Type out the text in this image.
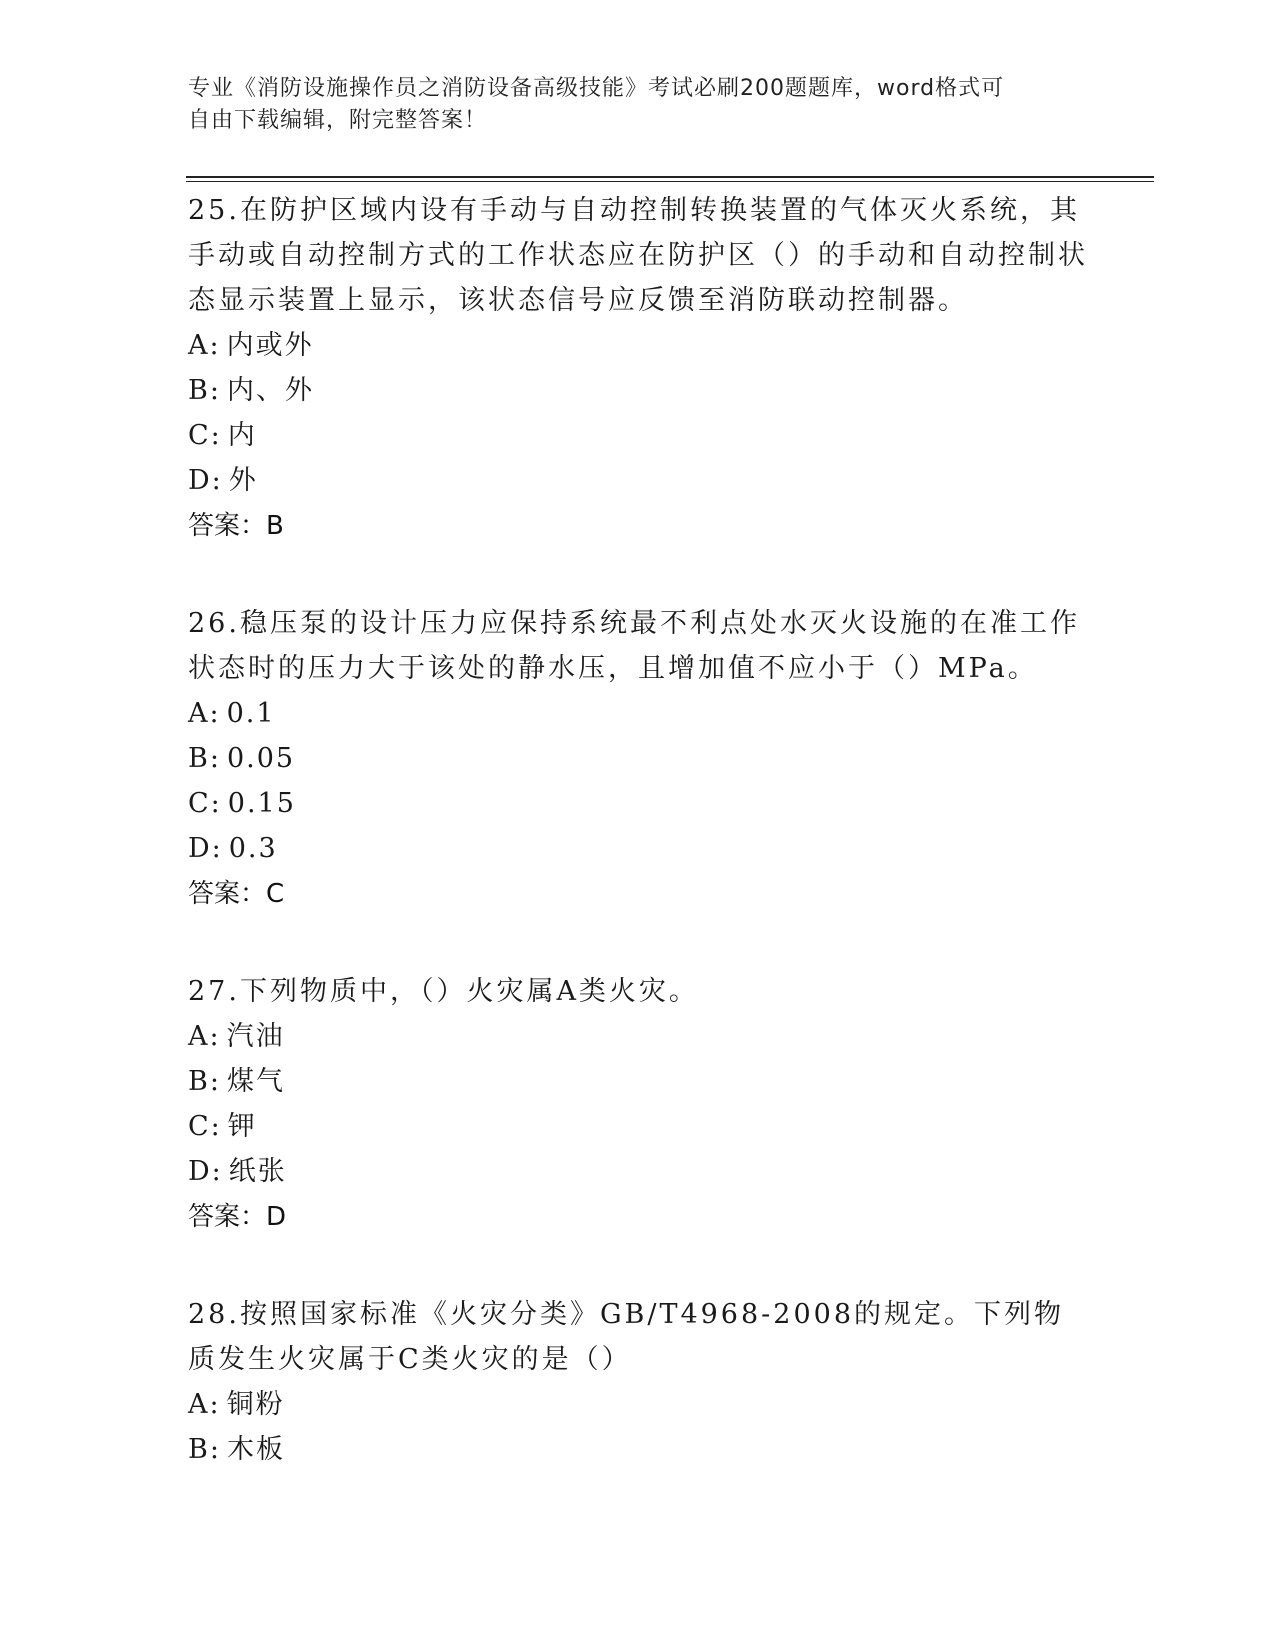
专业《消防设施操作员之消防设备高级技能》考试必刷200题题库，word格式可
自由下载编辑，附完整答案！

25.在防护区域内设有手动与自动控制转换装置的气体灭火系统，其手动或自动控制方式的工作状态应在防护区（）的手动和自动控制状态显示装置上显示，该状态信号应反馈至消防联动控制器。

A: 内或外

B: 内、外

C: 内

D: 外

答案：B

26.稳压泵的设计压力应保持系统最不利点处水灭火设施的在准工作状态时的压力大于该处的静水压，且增加值不应小于（）MPa。

A: 0.1

B: 0.05

C: 0.15

D: 0.3

答案：C

27.下列物质中，（）火灾属A类火灾。

A: 汽油

B: 煤气

C: 钾

D: 纸张

答案：D

28.按照国家标准《火灾分类》GB/T4968-2008的规定。下列物质发生火灾属于C类火灾的是（）

A: 铜粉

B: 木板
